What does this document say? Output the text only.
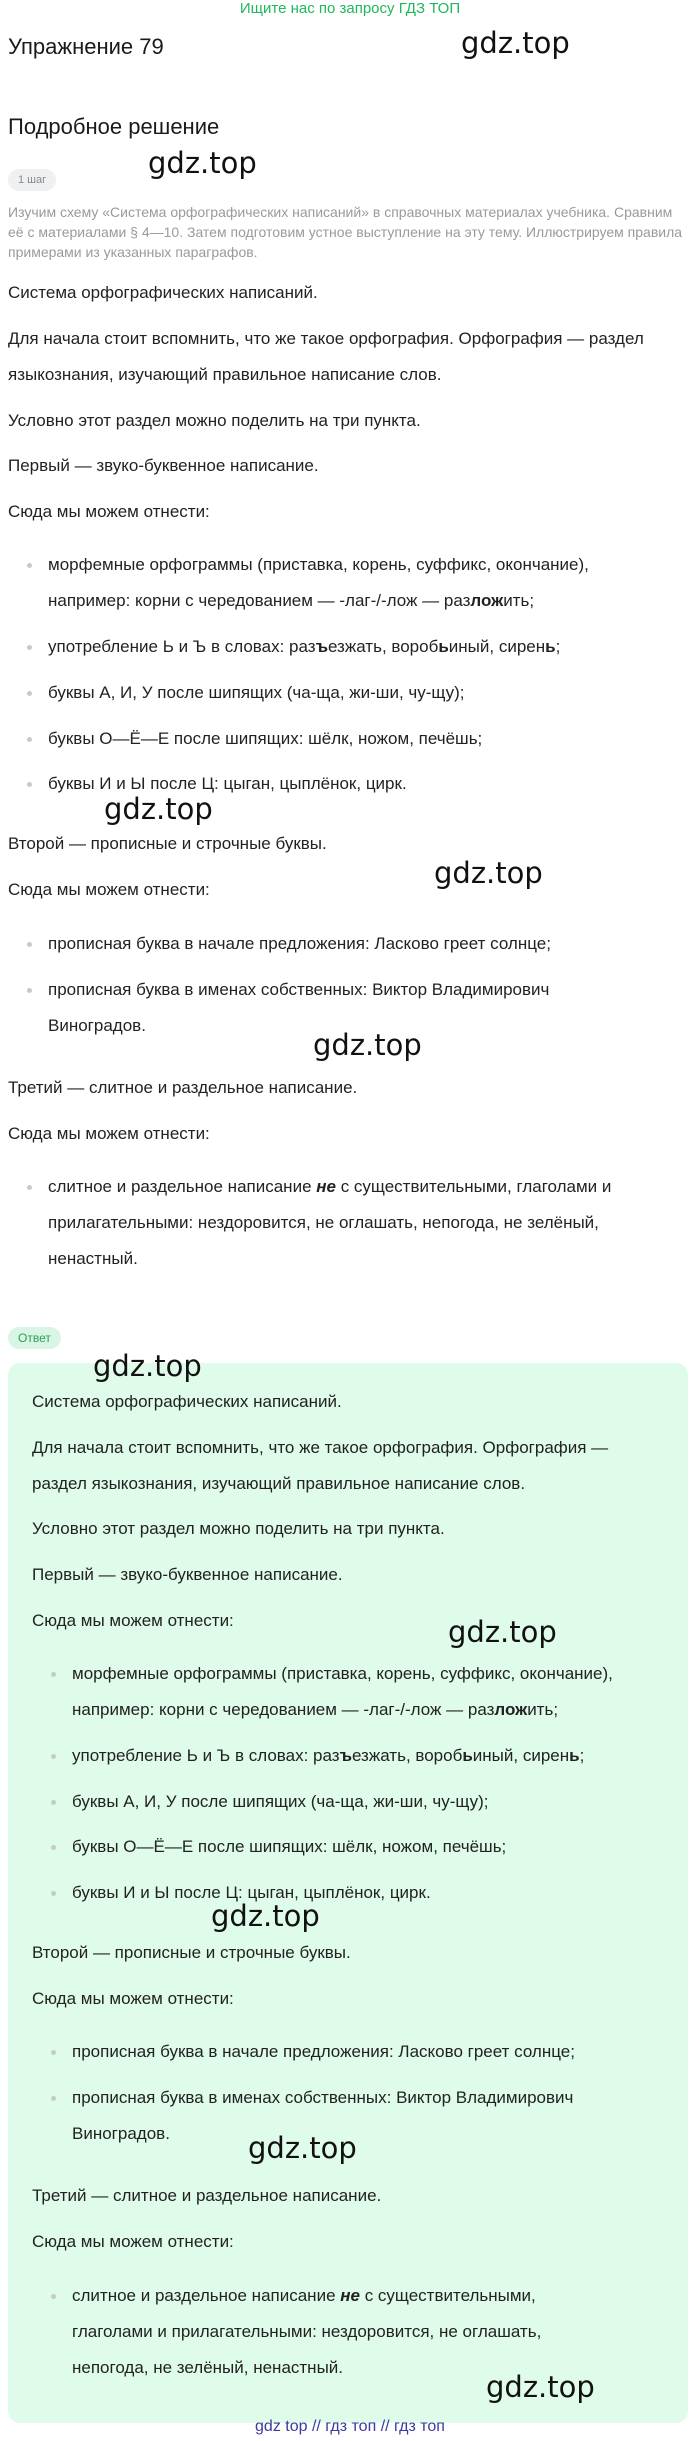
Ищите нас по запросу ГДЗ ТОП
Упражнение 79	gdz.top
Подробное решение
1 шаг	gdz.top
Изучим схему «Система орфографических написаний» в справочных материалах учебника. Сравним её с материалами § 4—10. Затем подготовим устное выступление на эту тему. Иллюстрируем правила примерами из указанных параграфов.
Система орфографических написаний.
Для начала стоит вспомнить, что же такое орфография. Орфография — раздел
языкознания, изучающий правильное написание слов.
Условно этот раздел можно поделить на три пункта.
Первый — звуко-буквенное написание.
Сюда мы можем отнести:
морфемные орфограммы (приставка, корень, суффикс, окончание),
например: корни с чередованием — -лаг-/-лож — разложить;
употребление Ь и Ъ в словах: разъезжать, воробьиный, сирень;
буквы А, И, У после шипящих (ча-ща, жи-ши, чу-щу);
буквы О—Ё—Е после шипящих: шёлк, ножом, печёшь;
буквы И и Ы после Ц: цыган, цыплёнок, цирк.
gdz.top
Второй — прописные и строчные буквы.
gdz.top
Сюда мы можем отнести:
прописная буква в начале предложения: Ласково греет солнце;
прописная буква в именах собственных: Виктор Владимирович
Виноградов.
gdz.top
Третий — слитное и раздельное написание.
Сюда мы можем отнести:
слитное и раздельное написание не с существительными, глаголами и
прилагательными: нездоровится, не оглашать, непогода, не зелёный,
ненастный.
Ответ
gdz.top
Система орфографических написаний.
Для начала стоит вспомнить, что же такое орфография. Орфография —
раздел языкознания, изучающий правильное написание слов.
Условно этот раздел можно поделить на три пункта.
Первый — звуко-буквенное написание.
Сюда мы можем отнести:	gdz.top
морфемные орфограммы (приставка, корень, суффикс, окончание),
например: корни с чередованием — -лаг-/-лож — разложить;
употребление Ь и Ъ в словах: разъезжать, воробьиный, сирень;
буквы А, И, У после шипящих (ча-ща, жи-ши, чу-щу);
буквы О—Ё—Е после шипящих: шёлк, ножом, печёшь;
буквы И и Ы после Ц: цыган, цыплёнок, цирк.
gdz.top
Второй — прописные и строчные буквы.
Сюда мы можем отнести:
прописная буква в начале предложения: Ласково греет солнце;
прописная буква в именах собственных: Виктор Владимирович
Виноградов.	gdz.top
Третий — слитное и раздельное написание.
Сюда мы можем отнести:
слитное и раздельное написание не с существительными,
глаголами и прилагательными: нездоровится, не оглашать,
непогода, не зелёный, ненастный.
gdz.top
gdz top // гдз топ // гдз топ
